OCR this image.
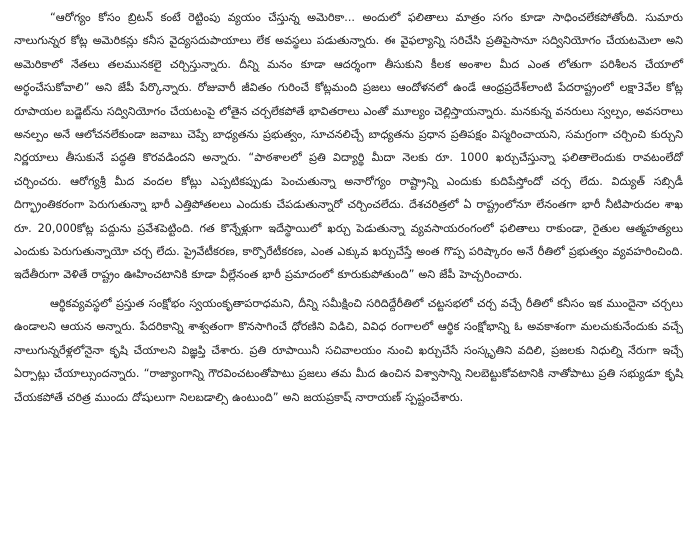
“ఆరోగ్యం కోసం బ్రిటన్ కంటే రెట్టింపు వ్యయం చేస్తున్న అమెరికా... అందులో ఫలితాలు మాత్రం సగం కూడా సాధించలేకపోతోంది. సుమారు నాలుగున్నర కోట్ల అమెరికన్లు కనీస వైద్యసదుపాయాలు లేక అవస్థలు పడుతున్నారు. ఈ వైఫల్యాన్ని సరిచేసి ప్రతిపైసానూ సద్వినియోగం చేయటమెలా అని అమెరికాలో నేతలు తలమునకలై చర్చిస్తున్నారు. దీన్ని మనం కూడా ఆదర్శంగా తీసుకుని కీలక అంశాల మీద ఎంత లోతుగా పరిశీలన చేయాలో అర్థంచేసుకోవాలి” అని జేపీ పేర్కొన్నారు. రోజువారీ జీవితం గురించే కోట్లమంది ప్రజలు ఆందోళనలో ఉండే ఆంధ్రప్రదేశ్‌లాంటి పేదరాష్ట్రంలో లక్షా3వేల కోట్ల రూపాయల బడ్జెట్‌ను సద్వినియోగం చేయటంపై లోతైన చర్చలేకపోతే భావితరాలు ఎంతో మూల్యం చెల్లిస్తాయన్నారు. మనకున్న వనరులు స్వల్పం, అవసరాలు అనల్పం అనే ఆలోచనలేకుండా జవాబు చెప్పే బాధ్యతను ప్రభుత్వం, సూచనలిచ్చే బాధ్యతను ప్రధాన ప్రతిపక్షం విస్మరించాయని, సమగ్రంగా చర్చించి కుర్చుని నిర్ణయాలు తీసుకునే పద్ధతి కొరవడిందని అన్నారు. “పాఠశాలలో ప్రతి విద్యార్థి మీదా నెలకు రూ. 1000 ఖర్చుచేస్తున్నా ఫలితాలెందుకు రావటంలేదో చర్చించరు. ఆరోగ్యశ్రీ మీద వందల కోట్లు ఎప్పటికప్పుడు పెంచుతున్నా అనారోగ్యం రాష్ట్రాన్ని ఎందుకు కుదిపేస్తోందో చర్చ లేదు. విద్యుత్ సబ్సిడీ దిగ్భ్రాంతికరంగా పెరుగుతున్నా భారీ ఎత్తిపోతలలు ఎందుకు చేపడుతున్నారో చర్చించలేదు. దేశచరిత్రలో ఏ రాష్ట్రంలోనూ లేనంతగా భారీ నీటిపారుదల శాఖ రూ. 20,000కోట్ల పద్దును ప్రవేశపెట్టింది. గత కొన్నేళ్లుగా ఇదేస్థాయిలో ఖర్చు పెడుతున్నా వ్యవసాయరంగంలో ఫలితాలు రాకుండా, రైతుల ఆత్మహత్యలు ఎందుకు పెరుగుతున్నాయో చర్చ లేదు. ప్రైవేటీకరణ, కార్పొరేటీకరణ, ఎంత ఎక్కువ ఖర్చుచేస్తే అంత గొప్ప పరిష్కారం అనే రీతిలో ప్రభుత్వం వ్యవహరించింది. ఇదేతీరుగా వెళితే రాష్ట్రం ఊహించటానికి కూడా వీల్లేనంత భారీ ప్రమాదంలో కూరుకుపోతుంది” అని జేపీ హెచ్చరించారు.

ఆర్థికవ్యవస్థలో ప్రస్తుత సంక్షోభం స్వయంకృతాపరాధమని, దీన్ని సమీక్షించి సరిదిద్దేరీతిలో చట్టసభలో చర్చ వచ్చే రీతిలో కనీసం ఇక ముందైనా చర్చలు ఉండాలని ఆయన అన్నారు. పేదరికాన్ని శాశ్వతంగా కొనసాగించే ధోరణిని విడిచి, వివిధ రంగాలలో ఆర్థిక సంక్షోభాన్ని ఓ అవకాశంగా మలచుకునేందుకు వచ్చే నాలుగున్నరేళ్లలోనైనా కృషి చేయాలని విజ్ఞప్తి చేశారు. ప్రతి రూపాయినీ సచివాలయం నుంచి ఖర్చుచేసే సంస్కృతిని వదిలి, ప్రజలకు నిధుల్ని నేరుగా ఇచ్చే ఏర్పాట్లు చేయాల్సుందన్నారు. “రాజ్యాంగాన్ని గౌరవించటంతోపాటు ప్రజలు తమ మీద ఉంచిన విశ్వాసాన్ని నిలబెట్టుకోవటానికి నాతోపాటు ప్రతి సభ్యుడూ కృషి చేయకపోతే చరిత్ర ముందు దోషులుగా నిలబడాల్సి ఉంటుంది” అని జయప్రకాష్ నారాయణ్ స్పష్టంచేశారు.
